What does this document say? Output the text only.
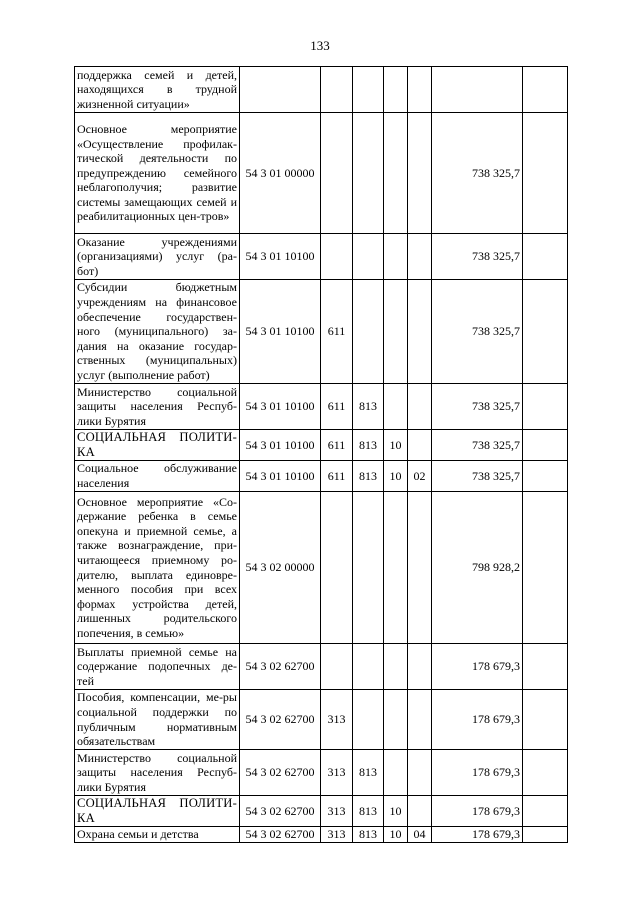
133
поддержка семей и детей, находящихся в трудной жизненной ситуации»							
Основное мероприятие «Осуществление профилак-тической деятельности по предупреждению семейного неблагополучия; развитие системы замещающих семей и реабилитационных цен-тров»	54 3 01 00000					738 325,7	
Оказание учреждениями (организациями) услуг (ра-бот)	54 3 01 10100					738 325,7	
Субсидии бюджетным учреждениям на финансовое обеспечение государствен-ного (муниципального) за-дания на оказание государ-ственных (муниципальных) услуг (выполнение работ)	54 3 01 10100	611				738 325,7	
Министерство социальной защиты населения Респуб-лики Бурятия	54 3 01 10100	611	813			738 325,7	
СОЦИАЛЬНАЯ ПОЛИТИ-КА	54 3 01 10100	611	813	10		738 325,7	
Социальное обслуживание населения	54 3 01 10100	611	813	10	02	738 325,7	
Основное мероприятие «Со-держание ребенка в семье опекуна и приемной семье, а также вознаграждение, при-читающееся приемному ро-дителю, выплата единовре-менного пособия при всех формах устройства детей, лишенных родительского попечения, в семью»	54 3 02 00000					798 928,2	
Выплаты приемной семье на содержание подопечных де-тей	54 3 02 62700					178 679,3	
Пособия, компенсации, ме-ры социальной поддержки по публичным нормативным обязательствам	54 3 02 62700	313				178 679,3	
Министерство социальной защиты населения Респуб-лики Бурятия	54 3 02 62700	313	813			178 679,3	
СОЦИАЛЬНАЯ ПОЛИТИ-КА	54 3 02 62700	313	813	10		178 679,3	
Охрана семьи и детства	54 3 02 62700	313	813	10	04	178 679,3	
